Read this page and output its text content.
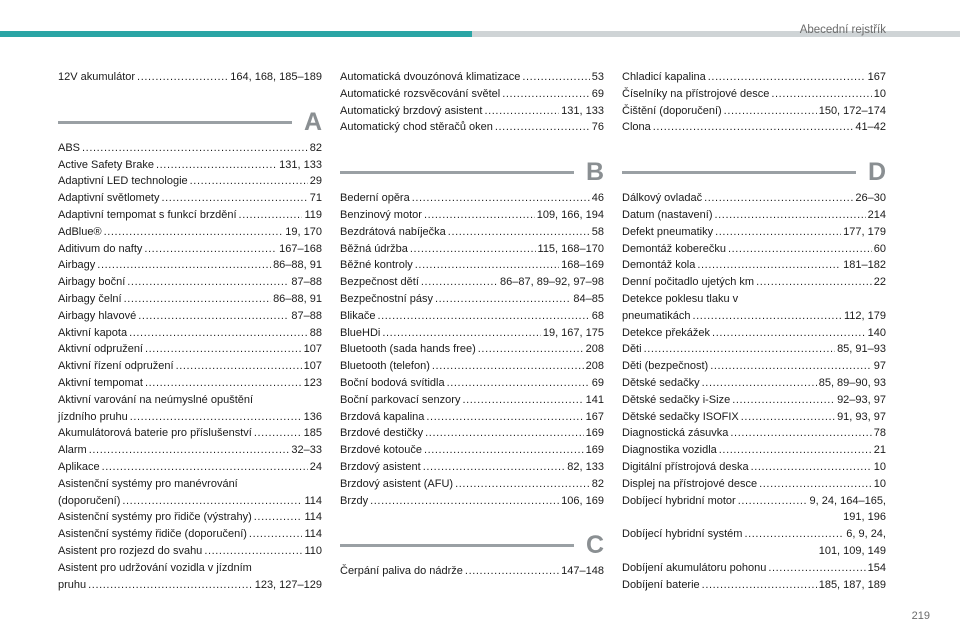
Abecední rejstřík
12V akumulátor .....	164, 168, 185–189
A
ABS .....	82
Active Safety Brake .....	131, 133
Adaptivní LED technologie .....	29
Adaptivní světlomety .....	71
Adaptivní tempomat s funkcí brzdění .....	119
AdBlue® .....	19, 170
Aditivum do nafty .....	167–168
Airbagy .....	86–88, 91
Airbagy boční .....	87–88
Airbagy čelní .....	86–88, 91
Airbagy hlavové .....	87–88
Aktivní kapota .....	88
Aktivní odpružení .....	107
Aktivní řízení odpružení .....	107
Aktivní tempomat .....	123
Aktivní varování na neúmyslné opuštění
jízdního pruhu .....	136
Akumulátorová baterie pro příslušenství .....	185
Alarm .....	32–33
Aplikace .....	24
Asistenční systémy pro manévrování
(doporučení) .....	114
Asistenční systémy pro řidiče (výstrahy) .....	114
Asistenční systémy řidiče (doporučení) .....	114
Asistent pro rozjezd do svahu .....	110
Asistent pro udržování vozidla v jízdním
pruhu .....	123, 127–129
Automatická dvouzónová klimatizace .....	53
Automatické rozsvěcování světel .....	69
Automatický brzdový asistent .....	131, 133
Automatický chod stěračů oken .....	76
B
Bederní opěra .....	46
Benzinový motor .....	109, 166, 194
Bezdrátová nabíječka .....	58
Běžná údržba .....	115, 168–170
Běžné kontroly .....	168–169
Bezpečnost dětí .....	86–87, 89–92, 97–98
Bezpečnostní pásy .....	84–85
Blikače .....	68
BlueHDi .....	19, 167, 175
Bluetooth (sada hands free) .....	208
Bluetooth (telefon) .....	208
Boční bodová svítidla .....	69
Boční parkovací senzory .....	141
Brzdová kapalina .....	167
Brzdové destičky .....	169
Brzdové kotouče .....	169
Brzdový asistent .....	82, 133
Brzdový asistent (AFU) .....	82
Brzdy .....	106, 169
C
Čerpání paliva do nádrže .....	147–148
Chladicí kapalina .....	167
Číselníky na přístrojové desce .....	10
Čištění (doporučení) .....	150, 172–174
Clona .....	41–42
D
Dálkový ovladač .....	26–30
Datum (nastavení) .....	214
Defekt pneumatiky .....	177, 179
Demontáž koberečku .....	60
Demontáž kola .....	181–182
Denní počitadlo ujetých km .....	22
Detekce poklesu tlaku v
pneumatikách .....	112, 179
Detekce překážek .....	140
Děti .....	85, 91–93
Děti (bezpečnost) .....	97
Dětské sedačky .....	85, 89–90, 93
Dětské sedačky i-Size .....	92–93, 97
Dětské sedačky ISOFIX .....	91, 93, 97
Diagnostická zásuvka .....	78
Diagnostika vozidla .....	21
Digitální přístrojová deska .....	10
Displej na přístrojové desce .....	10
Dobíjecí hybridní motor .....	9, 24, 164–165,
191, 196
Dobíjecí hybridní systém .....	6, 9, 24,
101, 109, 149
Dobíjení akumulátoru pohonu .....	154
Dobíjení baterie .....	185, 187, 189
219
